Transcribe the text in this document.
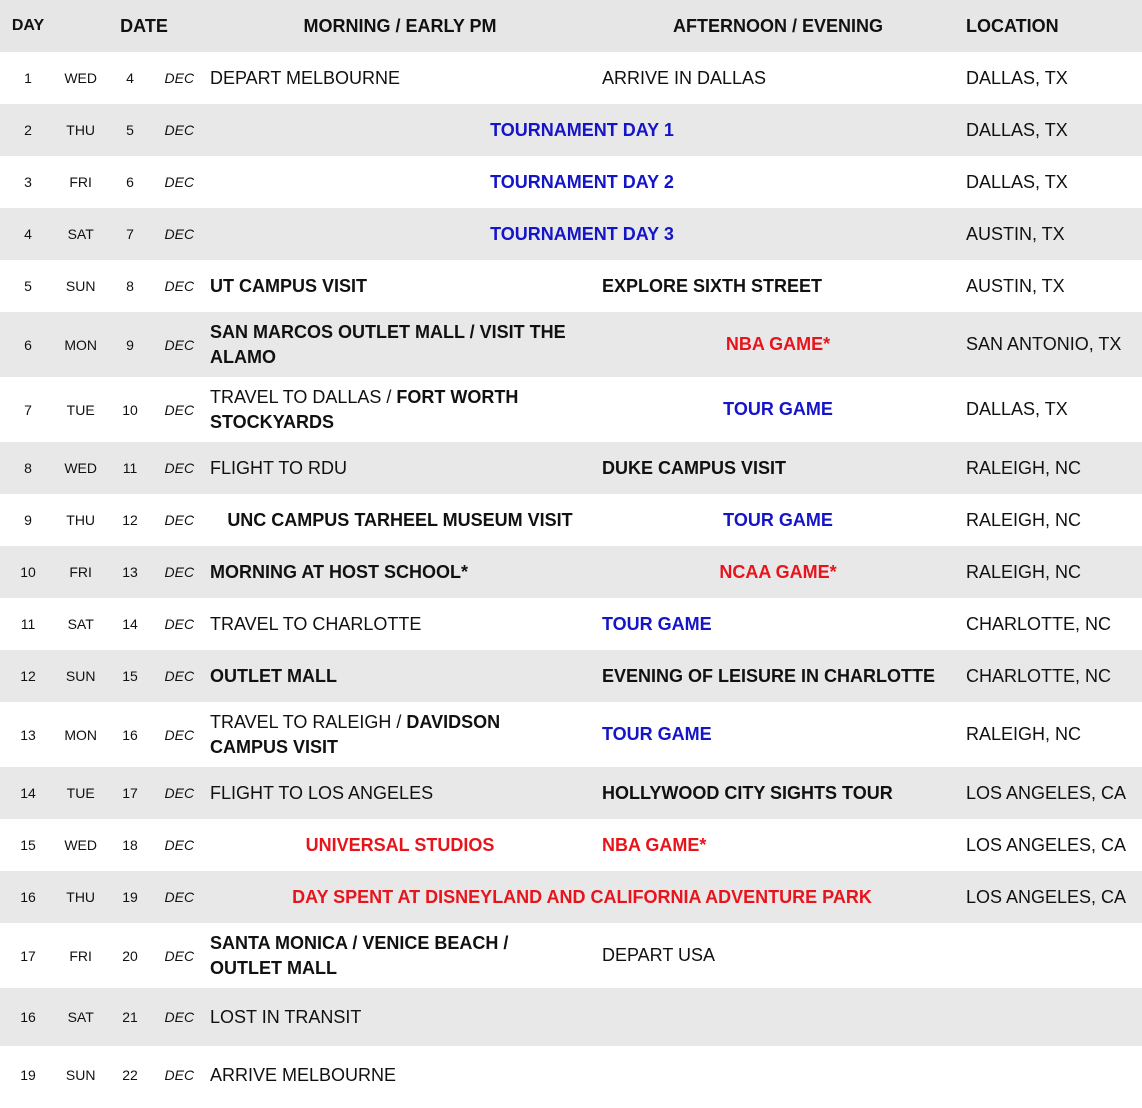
DAY	DATE			MORNING / EARLY PM	AFTERNOON / EVENING	LOCATION
1	WED	4	DEC	DEPART MELBOURNE	ARRIVE IN DALLAS	DALLAS, TX
2	THU	5	DEC	TOURNAMENT DAY 1		DALLAS, TX
3	FRI	6	DEC	TOURNAMENT DAY 2		DALLAS, TX
4	SAT	7	DEC	TOURNAMENT DAY 3		AUSTIN, TX
5	SUN	8	DEC	UT CAMPUS VISIT	EXPLORE SIXTH STREET	AUSTIN, TX
6	MON	9	DEC	SAN MARCOS OUTLET MALL / VISIT THE ALAMO	NBA GAME*	SAN ANTONIO, TX
7	TUE	10	DEC	TRAVEL TO DALLAS / FORT WORTH STOCKYARDS	TOUR GAME	DALLAS, TX
8	WED	11	DEC	FLIGHT TO RDU	DUKE CAMPUS VISIT	RALEIGH, NC
9	THU	12	DEC	UNC CAMPUS TARHEEL MUSEUM VISIT	TOUR GAME	RALEIGH, NC
10	FRI	13	DEC	MORNING AT HOST SCHOOL*	NCAA GAME*	RALEIGH, NC
11	SAT	14	DEC	TRAVEL TO CHARLOTTE	TOUR GAME	CHARLOTTE, NC
12	SUN	15	DEC	OUTLET MALL	EVENING OF LEISURE IN CHARLOTTE	CHARLOTTE, NC
13	MON	16	DEC	TRAVEL TO RALEIGH / DAVIDSON CAMPUS VISIT	TOUR GAME	RALEIGH, NC
14	TUE	17	DEC	FLIGHT TO LOS ANGELES	HOLLYWOOD CITY SIGHTS TOUR	LOS ANGELES, CA
15	WED	18	DEC	UNIVERSAL STUDIOS	NBA GAME*	LOS ANGELES, CA
16	THU	19	DEC	DAY SPENT AT DISNEYLAND AND CALIFORNIA ADVENTURE PARK		LOS ANGELES, CA
17	FRI	20	DEC	SANTA MONICA / VENICE BEACH / OUTLET MALL	DEPART USA	
16	SAT	21	DEC	LOST IN TRANSIT		
19	SUN	22	DEC	ARRIVE MELBOURNE		
